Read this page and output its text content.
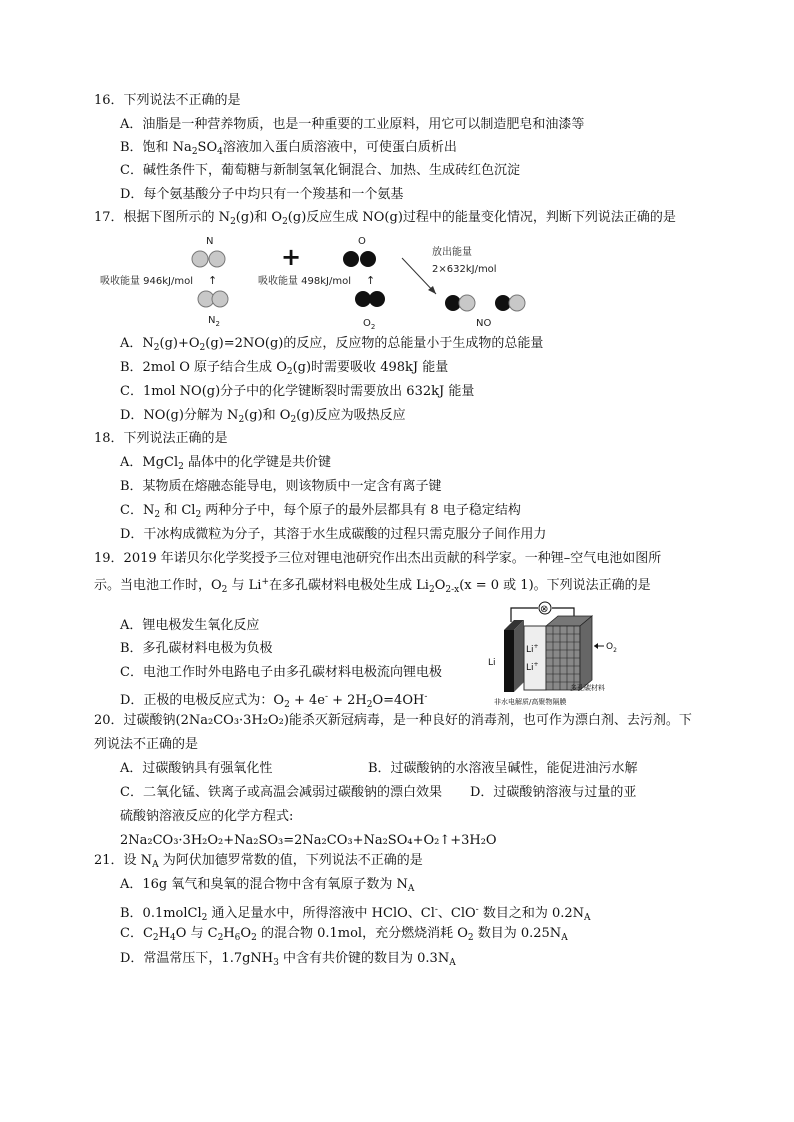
16．下列说法不正确的是
A．油脂是一种营养物质，也是一种重要的工业原料，用它可以制造肥皂和油漆等
B．饱和 $Na_2SO_4$溶液加入蛋白质溶液中，可使蛋白质析出
C．碱性条件下，葡萄糖与新制氢氧化铜混合、加热、生成砖红色沉淀
D．每个氨基酸分子中均只有一个羧基和一个氨基
17．根据下图所示的 $N_2(g)$和 $O_2(g)$反应生成 NO(g)过程中的能量变化情况，判断下列说法正确的是
N
吸收能量 946kJ/mol ↑
$N_2$
+
O
吸收能量 498kJ/mol ↑
$O_2$
放出能量
2×632kJ/mol
NO
A．$N_2(g)+O_2(g)=2NO(g)$的反应，反应物的总能量小于生成物的总能量
B．2mol O 原子结合生成 $O_2(g)$时需要吸收 498kJ 能量
C．1mol NO(g)分子中的化学键断裂时需要放出 632kJ 能量
D．NO(g)分解为 $N_2(g)$和 $O_2(g)$反应为吸热反应
18．下列说法正确的是
A．MgCl$_2$ 晶体中的化学键是共价键
B．某物质在熔融态能导电，则该物质中一定含有离子键
C．$N_2$ 和 $Cl_2$ 两种分子中，每个原子的最外层都具有 8 电子稳定结构
D．干冰构成微粒为分子，其溶于水生成碳酸的过程只需克服分子间作用力
19．2019 年诺贝尔化学奖授予三位对锂电池研究作出杰出贡献的科学家。一种锂–空气电池如图所
示。当电池工作时，$O_2$ 与 Li+在多孔碳材料电极处生成 $Li_2O_{2-x}(x = 0$ 或 1)。下列说法正确的是
A．锂电极发生氧化反应
B．多孔碳材料电极为负极
C．电池工作时外电路电子由多孔碳材料电极流向锂电极
D．正极的电极反应式为：$O_2 + 4e^- + 2H_2O=4OH^-$
⊗
Li+
Li+
Li
$O_2$
多孔碳材料
非水电解质/高聚物隔膜
20．过碳酸钠(2Na₂CO₃·3H₂O₂)能杀灭新冠病毒，是一种良好的消毒剂，也可作为漂白剂、去污剂。下
列说法不正确的是
A．过碳酸钠具有强氧化性	B．过碳酸钠的水溶液呈碱性，能促进油污水解
C．二氧化锰、铁离子或高温会减弱过碳酸钠的漂白效果 D．过碳酸钠溶液与过量的亚
硫酸钠溶液反应的化学方程式:
2Na₂CO₃·3H₂O₂+Na₂SO₃=2Na₂CO₃+Na₂SO₄+O₂↑+3H₂O
21．设 $N_A$ 为阿伏加德罗常数的值，下列说法不正确的是
A．16g 氧气和臭氧的混合物中含有氧原子数为 $N_A$
B．0.1molCl$_2$ 通入足量水中，所得溶液中 HClO、Cl-、ClO- 数目之和为 $0.2N_A$
C．$C_2H_4O$ 与 $C_2H_6O_2$ 的混合物 0.1mol，充分燃烧消耗 $O_2$ 数目为 $0.25N_A$
D．常温常压下，1.7gNH$_3$ 中含有共价键的数目为 $0.3N_A$
